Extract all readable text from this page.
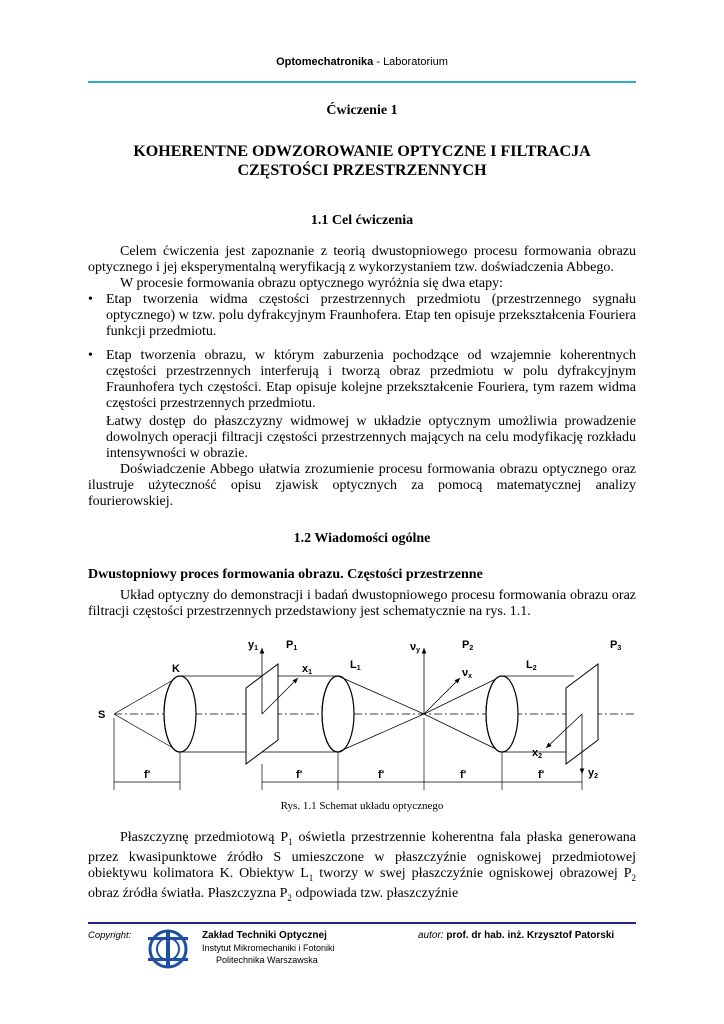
Optomechatronika - Laboratorium
Ćwiczenie 1
KOHERENTNE ODWZOROWANIE OPTYCZNE I FILTRACJA
CZĘSTOŚCI PRZESTRZENNYCH
1.1 Cel ćwiczenia
Celem ćwiczenia jest zapoznanie z teorią dwustopniowego procesu formowania obrazu optycznego i jej eksperymentalną weryfikacją z wykorzystaniem tzw. doświadczenia Abbego.
W procesie formowania obrazu optycznego wyróżnia się dwa etapy:
• Etap tworzenia widma częstości przestrzennych przedmiotu (przestrzennego sygnału optycznego) w tzw. polu dyfrakcyjnym Fraunhofera. Etap ten opisuje przekształcenia Fouriera funkcji przedmiotu.
• Etap tworzenia obrazu, w którym zaburzenia pochodzące od wzajemnie koherentnych częstości przestrzennych interferują i tworzą obraz przedmiotu w polu dyfrakcyjnym Fraunhofera tych częstości. Etap opisuje kolejne przekształcenie Fouriera, tym razem widma częstości przestrzennych przedmiotu.
Łatwy dostęp do płaszczyzny widmowej w układzie optycznym umożliwia prowadzenie dowolnych operacji filtracji częstości przestrzennych mających na celu modyfikację rozkładu intensywności w obrazie.
Doświadczenie Abbego ułatwia zrozumienie procesu formowania obrazu optycznego oraz ilustruje użyteczność opisu zjawisk optycznych za pomocą matematycznej analizy fourierowskiej.
1.2 Wiadomości ogólne
Dwustopniowy proces formowania obrazu. Częstości przestrzenne
Układ optyczny do demonstracji i badań dwustopniowego procesu formowania obrazu oraz filtracji częstości przestrzennych przedstawiony jest schematycznie na rys. 1.1.
S
K
y1	P1
x1
L1
νy	P2
νx
L2
P3
x2
y2
f'	f'	f'	f'	f'
Rys. 1.1 Schemat układu optycznego
Płaszczyznę przedmiotową $P_1$ oświetla przestrzennie koherentna fala płaska generowana przez kwasipunktowe źródło S umieszczone w płaszczyźnie ogniskowej przedmiotowej obiektywu kolimatora K. Obiektyw $L_1$ tworzy w swej płaszczyźnie ogniskowej obrazowej $P_2$ obraz źródła światła. Płaszczyzna $P_2$ odpowiada tzw. płaszczyźnie
Copyright:	Zakład Techniki Optycznej
Instytut Mikromechaniki i Fotoniki
Politechnika Warszawska
autor: prof. dr hab. inż. Krzysztof Patorski
